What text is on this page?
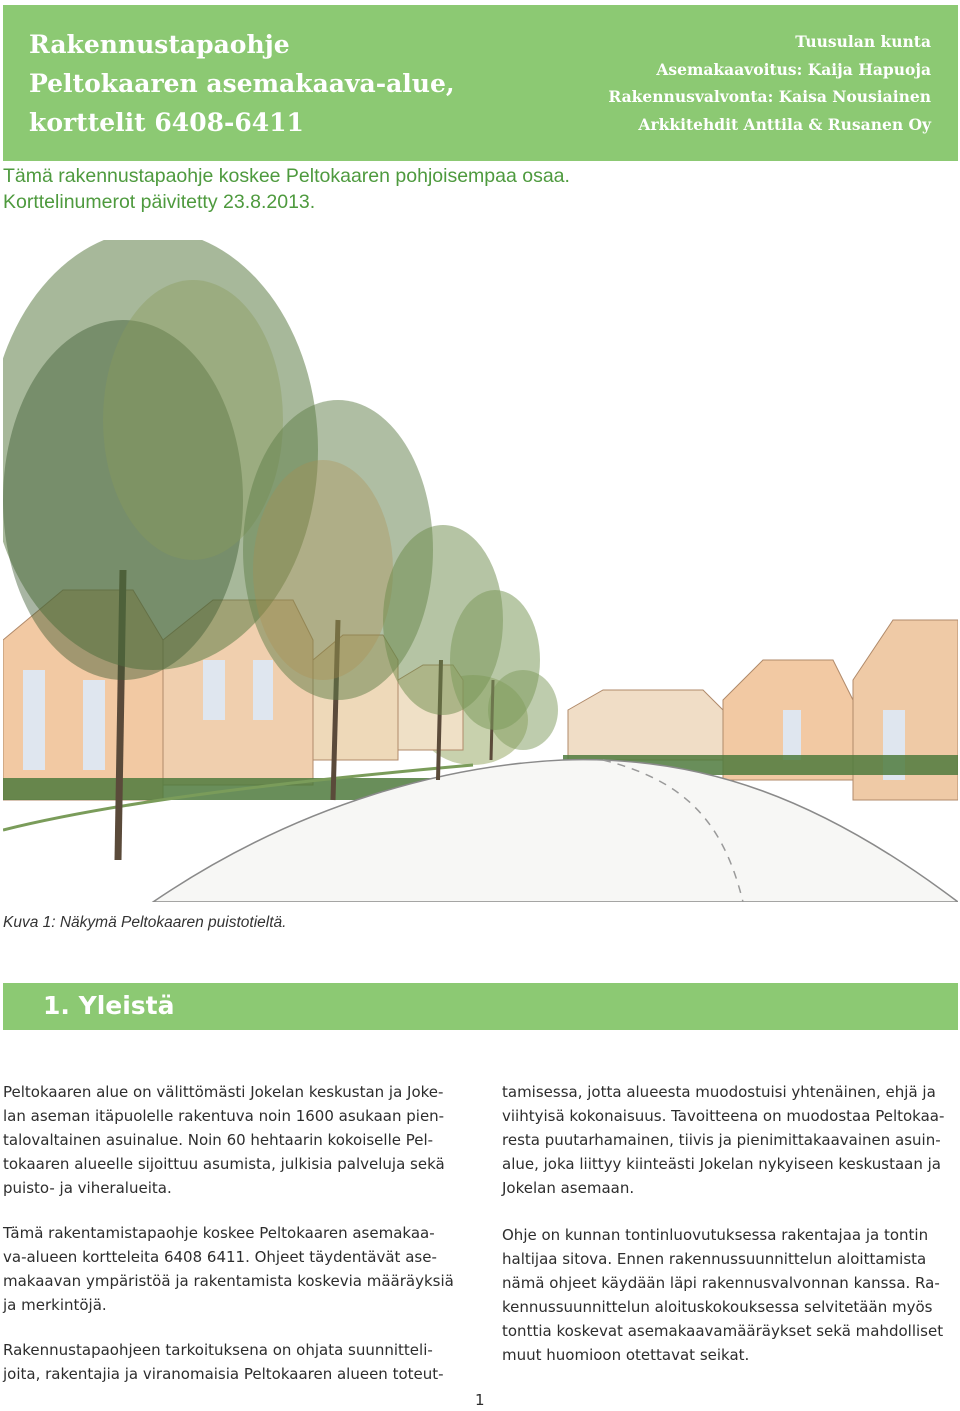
Rakennustapaohje
Peltokaaren asemakaava-alue,
korttelit 6408-6411
Tuusulan kunta
Asemakaavoitus: Kaija Hapuoja
Rakennusvalvonta: Kaisa Nousiainen
Arkkitehdit Anttila & Rusanen Oy
Tämä rakennustapaohje koskee Peltokaaren pohjoisempaa osaa.
Korttelinumerot päivitetty 23.8.2013.
Kuva 1: Näkymä Peltokaaren puistotieltä.
1. Yleistä

Peltokaaren alue on välittömästi Jokelan keskustan ja Joke-
lan aseman itäpuolelle rakentuva noin 1600 asukaan pien-
talovaltainen asuinalue. Noin 60 hehtaarin kokoiselle Pel-
tokaaren alueelle sijoittuu asumista, julkisia palveluja sekä
puisto- ja viheralueita.

Tämä rakentamistapaohje koskee Peltokaaren asemakaa-
va-alueen kortteleita 6408 6411. Ohjeet täydentävät ase-
makaavan ympäristöä ja rakentamista koskevia määräyksiä
ja merkintöjä.

Rakennustapaohjeen tarkoituksena on ohjata suunnitteli-
joita, rakentajia ja viranomaisia Peltokaaren alueen toteut-

tamisessa, jotta alueesta muodostuisi yhtenäinen, ehjä ja
viihtyisä kokonaisuus. Tavoitteena on muodostaa Peltokaa-
resta puutarhamainen, tiivis ja pienimittakaavainen asuin-
alue, joka liittyy kiinteästi Jokelan nykyiseen keskustaan ja
Jokelan asemaan.

Ohje on kunnan tontinluovutuksessa rakentajaa ja tontin
haltijaa sitova. Ennen rakennussuunnittelun aloittamista
nämä ohjeet käydään läpi rakennusvalvonnan kanssa. Ra-
kennussuunnittelun aloituskokouksessa selvitetään myös
tonttia koskevat asemakaavamääräykset sekä mahdolliset
muut huomioon otettavat seikat.

1
